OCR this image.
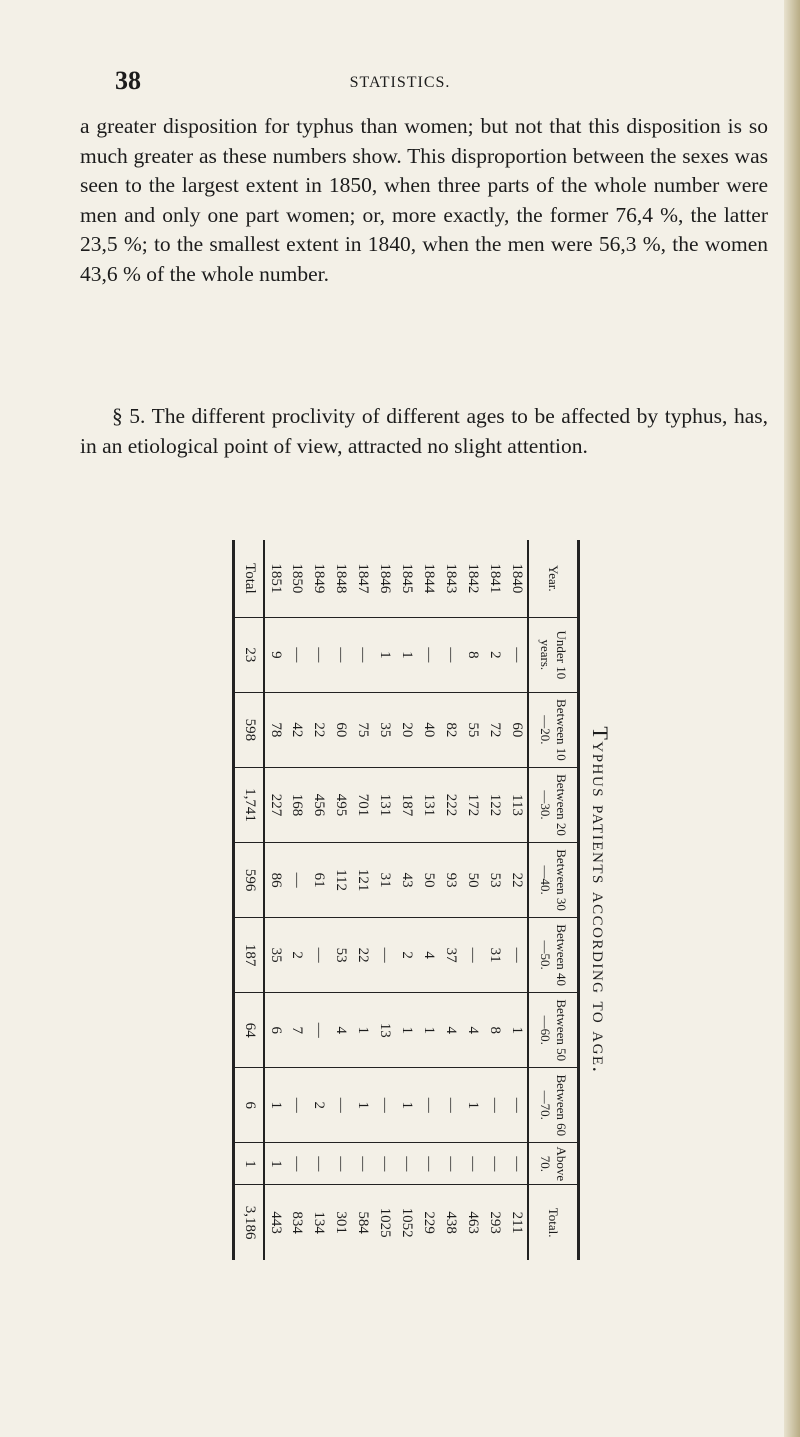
38	STATISTICS.

a greater disposition for typhus than women; but not that this disposition is so much greater as these numbers show. This disproportion between the sexes was seen to the largest extent in 1850, when three parts of the whole number were men and only one part women; or, more exactly, the former 76,4 %, the latter 23,5 %; to the smallest extent in 1840, when the men were 56,3 %, the women 43,6 % of the whole number.

§ 5. The different proclivity of different ages to be affected by typhus, has, in an etiological point of view, attracted no slight attention.

Typhus patients according to age.
Year.	Under 10 years.	Between 10—20.	Between 20—30.	Between 30—40.	Between 40—50.	Between 50—60.	Between 60—70.	Above 70.	Total.
1840	—	60	113	22	—	1	—	—	211
1841	2	72	122	53	31	8	—	—	293
1842	8	55	172	50	—	4	1	—	463
1843	—	82	222	93	37	4	—	—	438
1844	—	40	131	50	4	1	—	—	229
1845	1	20	187	43	2	1	1	—	1052
1846	1	35	131	31	—	13	—	—	1025
1847	—	75	701	121	22	1	1	—	584
1848	—	60	495	112	53	4	—	—	301
1849	—	22	456	61	—	—	2	—	134
1850	—	42	168	—	2	7	—	—	834
1851	9	78	227	86	35	6	1	1	443
Total	23	598	1,741	596	187	64	6	1	3,186
